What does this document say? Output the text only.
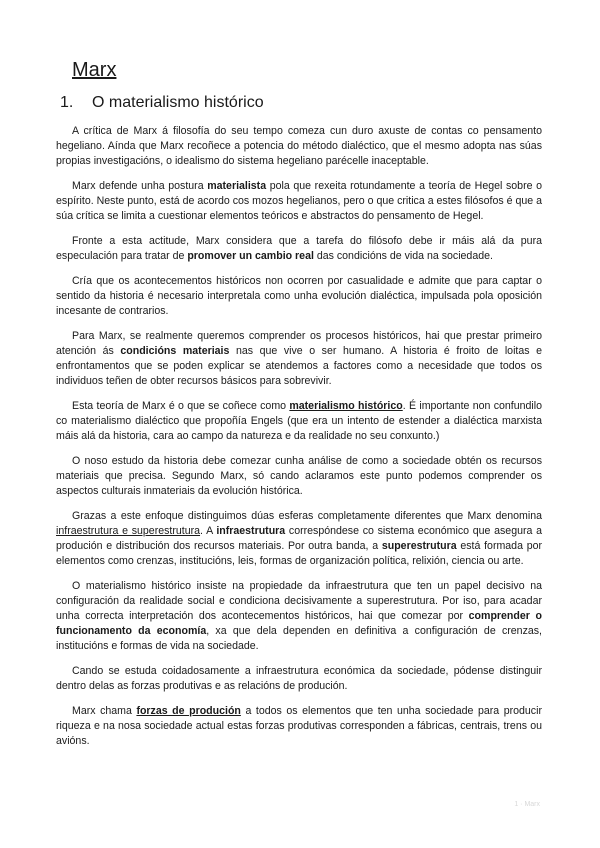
Marx
1. O materialismo histórico

A crítica de Marx á filosofía do seu tempo comeza cun duro axuste de contas co pensamento hegeliano. Aínda que Marx recoñece a potencia do método dialéctico, que el mesmo adopta nas súas propias investigacións, o idealismo do sistema hegeliano parécelle inaceptable.

Marx defende unha postura materialista pola que rexeita rotundamente a teoría de Hegel sobre o espírito. Neste punto, está de acordo cos mozos hegelianos, pero o que critica a estes filósofos é que a súa crítica se limita a cuestionar elementos teóricos e abstractos do pensamento de Hegel.

Fronte a esta actitude, Marx considera que a tarefa do filósofo debe ir máis alá da pura especulación para tratar de promover un cambio real das condicións de vida na sociedade.

Cría que os acontecementos históricos non ocorren por casualidade e admite que para captar o sentido da historia é necesario interpretala como unha evolución dialéctica, impulsada pola oposición incesante de contrarios.

Para Marx, se realmente queremos comprender os procesos históricos, hai que prestar primeiro atención ás condicións materiais nas que vive o ser humano. A historia é froito de loitas e enfrontamentos que se poden explicar se atendemos a factores como a necesidade que todos os individuos teñen de obter recursos básicos para sobrevivir.

Esta teoría de Marx é o que se coñece como materialismo histórico. É importante non confundilo co materialismo dialéctico que propoñía Engels (que era un intento de estender a dialéctica marxista máis alá da historia, cara ao campo da natureza e da realidade no seu conxunto.)

O noso estudo da historia debe comezar cunha análise de como a sociedade obtén os recursos materiais que precisa. Segundo Marx, só cando aclaramos este punto podemos comprender os aspectos culturais inmateriais da evolución histórica.

Grazas a este enfoque distinguimos dúas esferas completamente diferentes que Marx denomina infraestrutura e superestrutura. A infraestrutura correspóndese co sistema económico que asegura a produción e distribución dos recursos materiais. Por outra banda, a superestrutura está formada por elementos como crenzas, institucións, leis, formas de organización política, relixión, ciencia ou arte.

O materialismo histórico insiste na propiedade da infraestrutura que ten un papel decisivo na configuración da realidade social e condiciona decisivamente a superestrutura. Por iso, para acadar unha correcta interpretación dos acontecementos históricos, hai que comezar por comprender o funcionamento da economía, xa que dela dependen en definitiva a configuración de crenzas, institucións e formas de vida na sociedade.

Cando se estuda coidadosamente a infraestrutura económica da sociedade, pódense distinguir dentro delas as forzas produtivas e as relacións de produción.

Marx chama forzas de produción a todos os elementos que ten unha sociedade para producir riqueza e na nosa sociedade actual estas forzas produtivas corresponden a fábricas, centrais, trens ou avións.

1 · Marx
